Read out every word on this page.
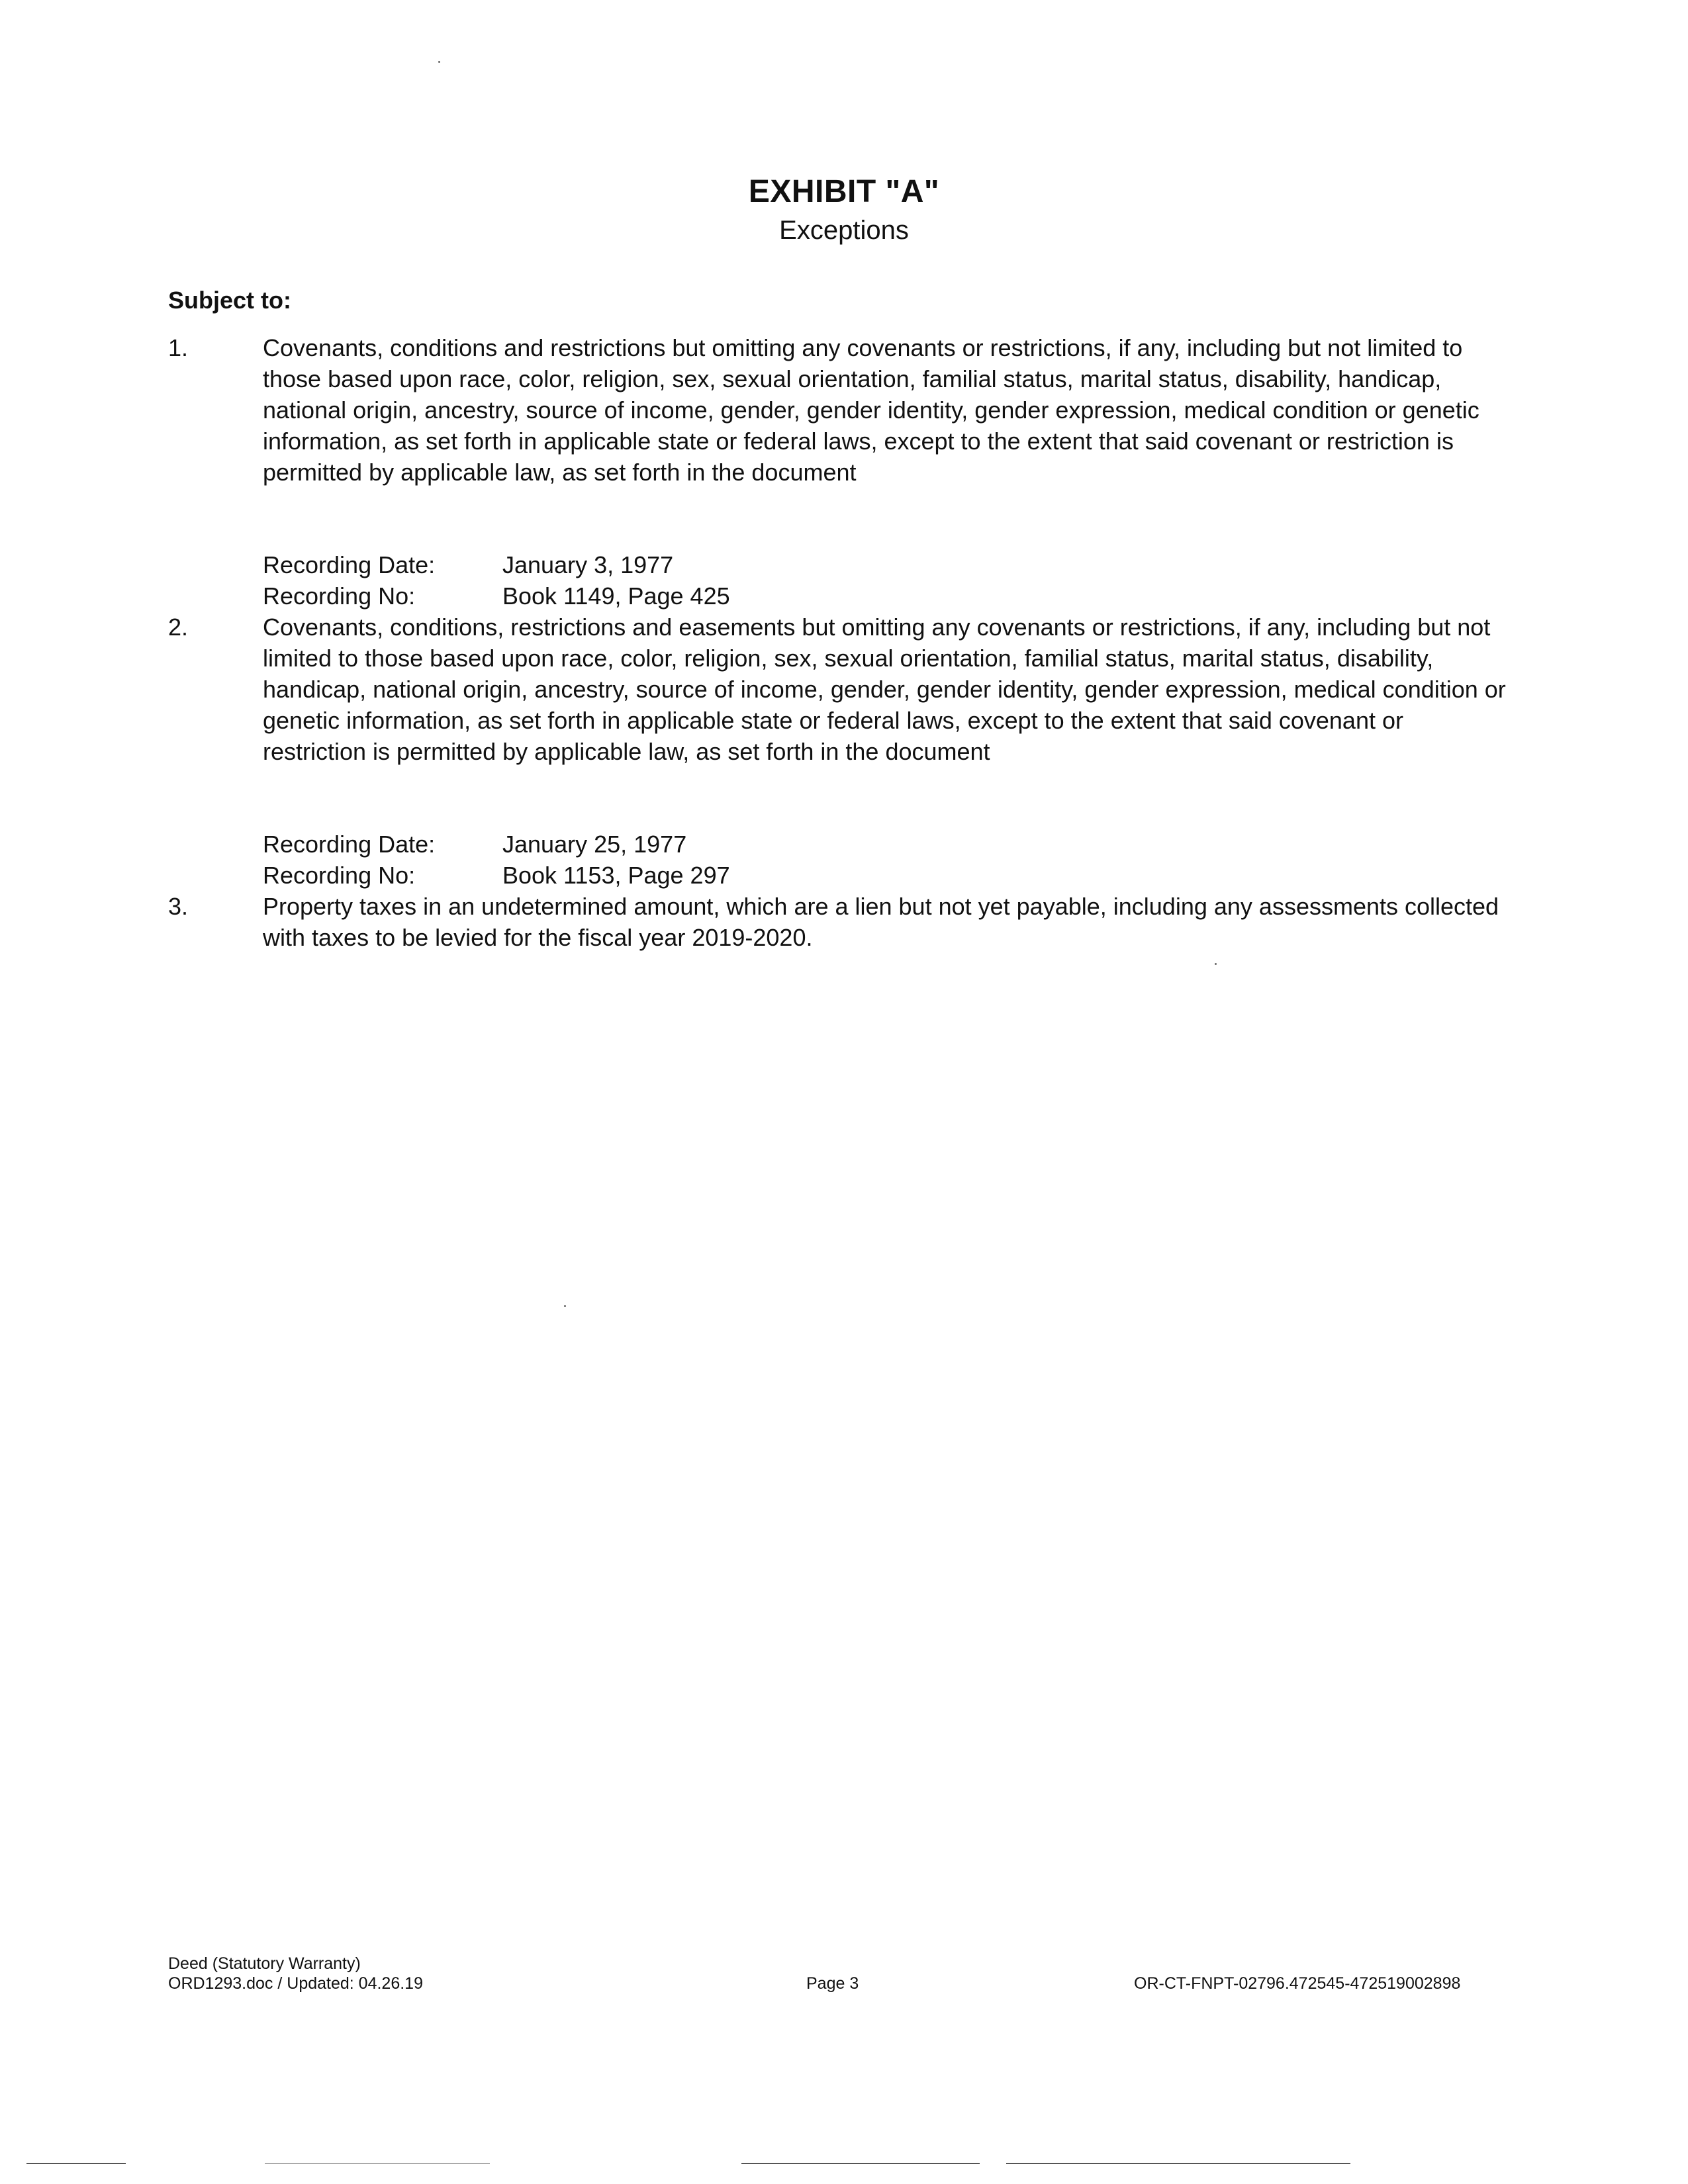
EXHIBIT "A"
Exceptions
Subject to:
1.	Covenants, conditions and restrictions but omitting any covenants or restrictions, if any, including but not limited to those based upon race, color, religion, sex, sexual orientation, familial status, marital status, disability, handicap, national origin, ancestry, source of income, gender, gender identity, gender expression, medical condition or genetic information, as set forth in applicable state or federal laws, except to the extent that said covenant or restriction is permitted by applicable law, as set forth in the document
Recording Date:	January 3, 1977
Recording No:	Book 1149, Page 425
2.	Covenants, conditions, restrictions and easements but omitting any covenants or restrictions, if any, including but not limited to those based upon race, color, religion, sex, sexual orientation, familial status, marital status, disability, handicap, national origin, ancestry, source of income, gender, gender identity, gender expression, medical condition or genetic information, as set forth in applicable state or federal laws, except to the extent that said covenant or restriction is permitted by applicable law, as set forth in the document
Recording Date:	January 25, 1977
Recording No:	Book 1153, Page 297
3.	Property taxes in an undetermined amount, which are a lien but not yet payable, including any assessments collected with taxes to be levied for the fiscal year 2019-2020.
Deed (Statutory Warranty)
ORD1293.doc / Updated: 04.26.19	Page 3	OR-CT-FNPT-02796.472545-472519002898
